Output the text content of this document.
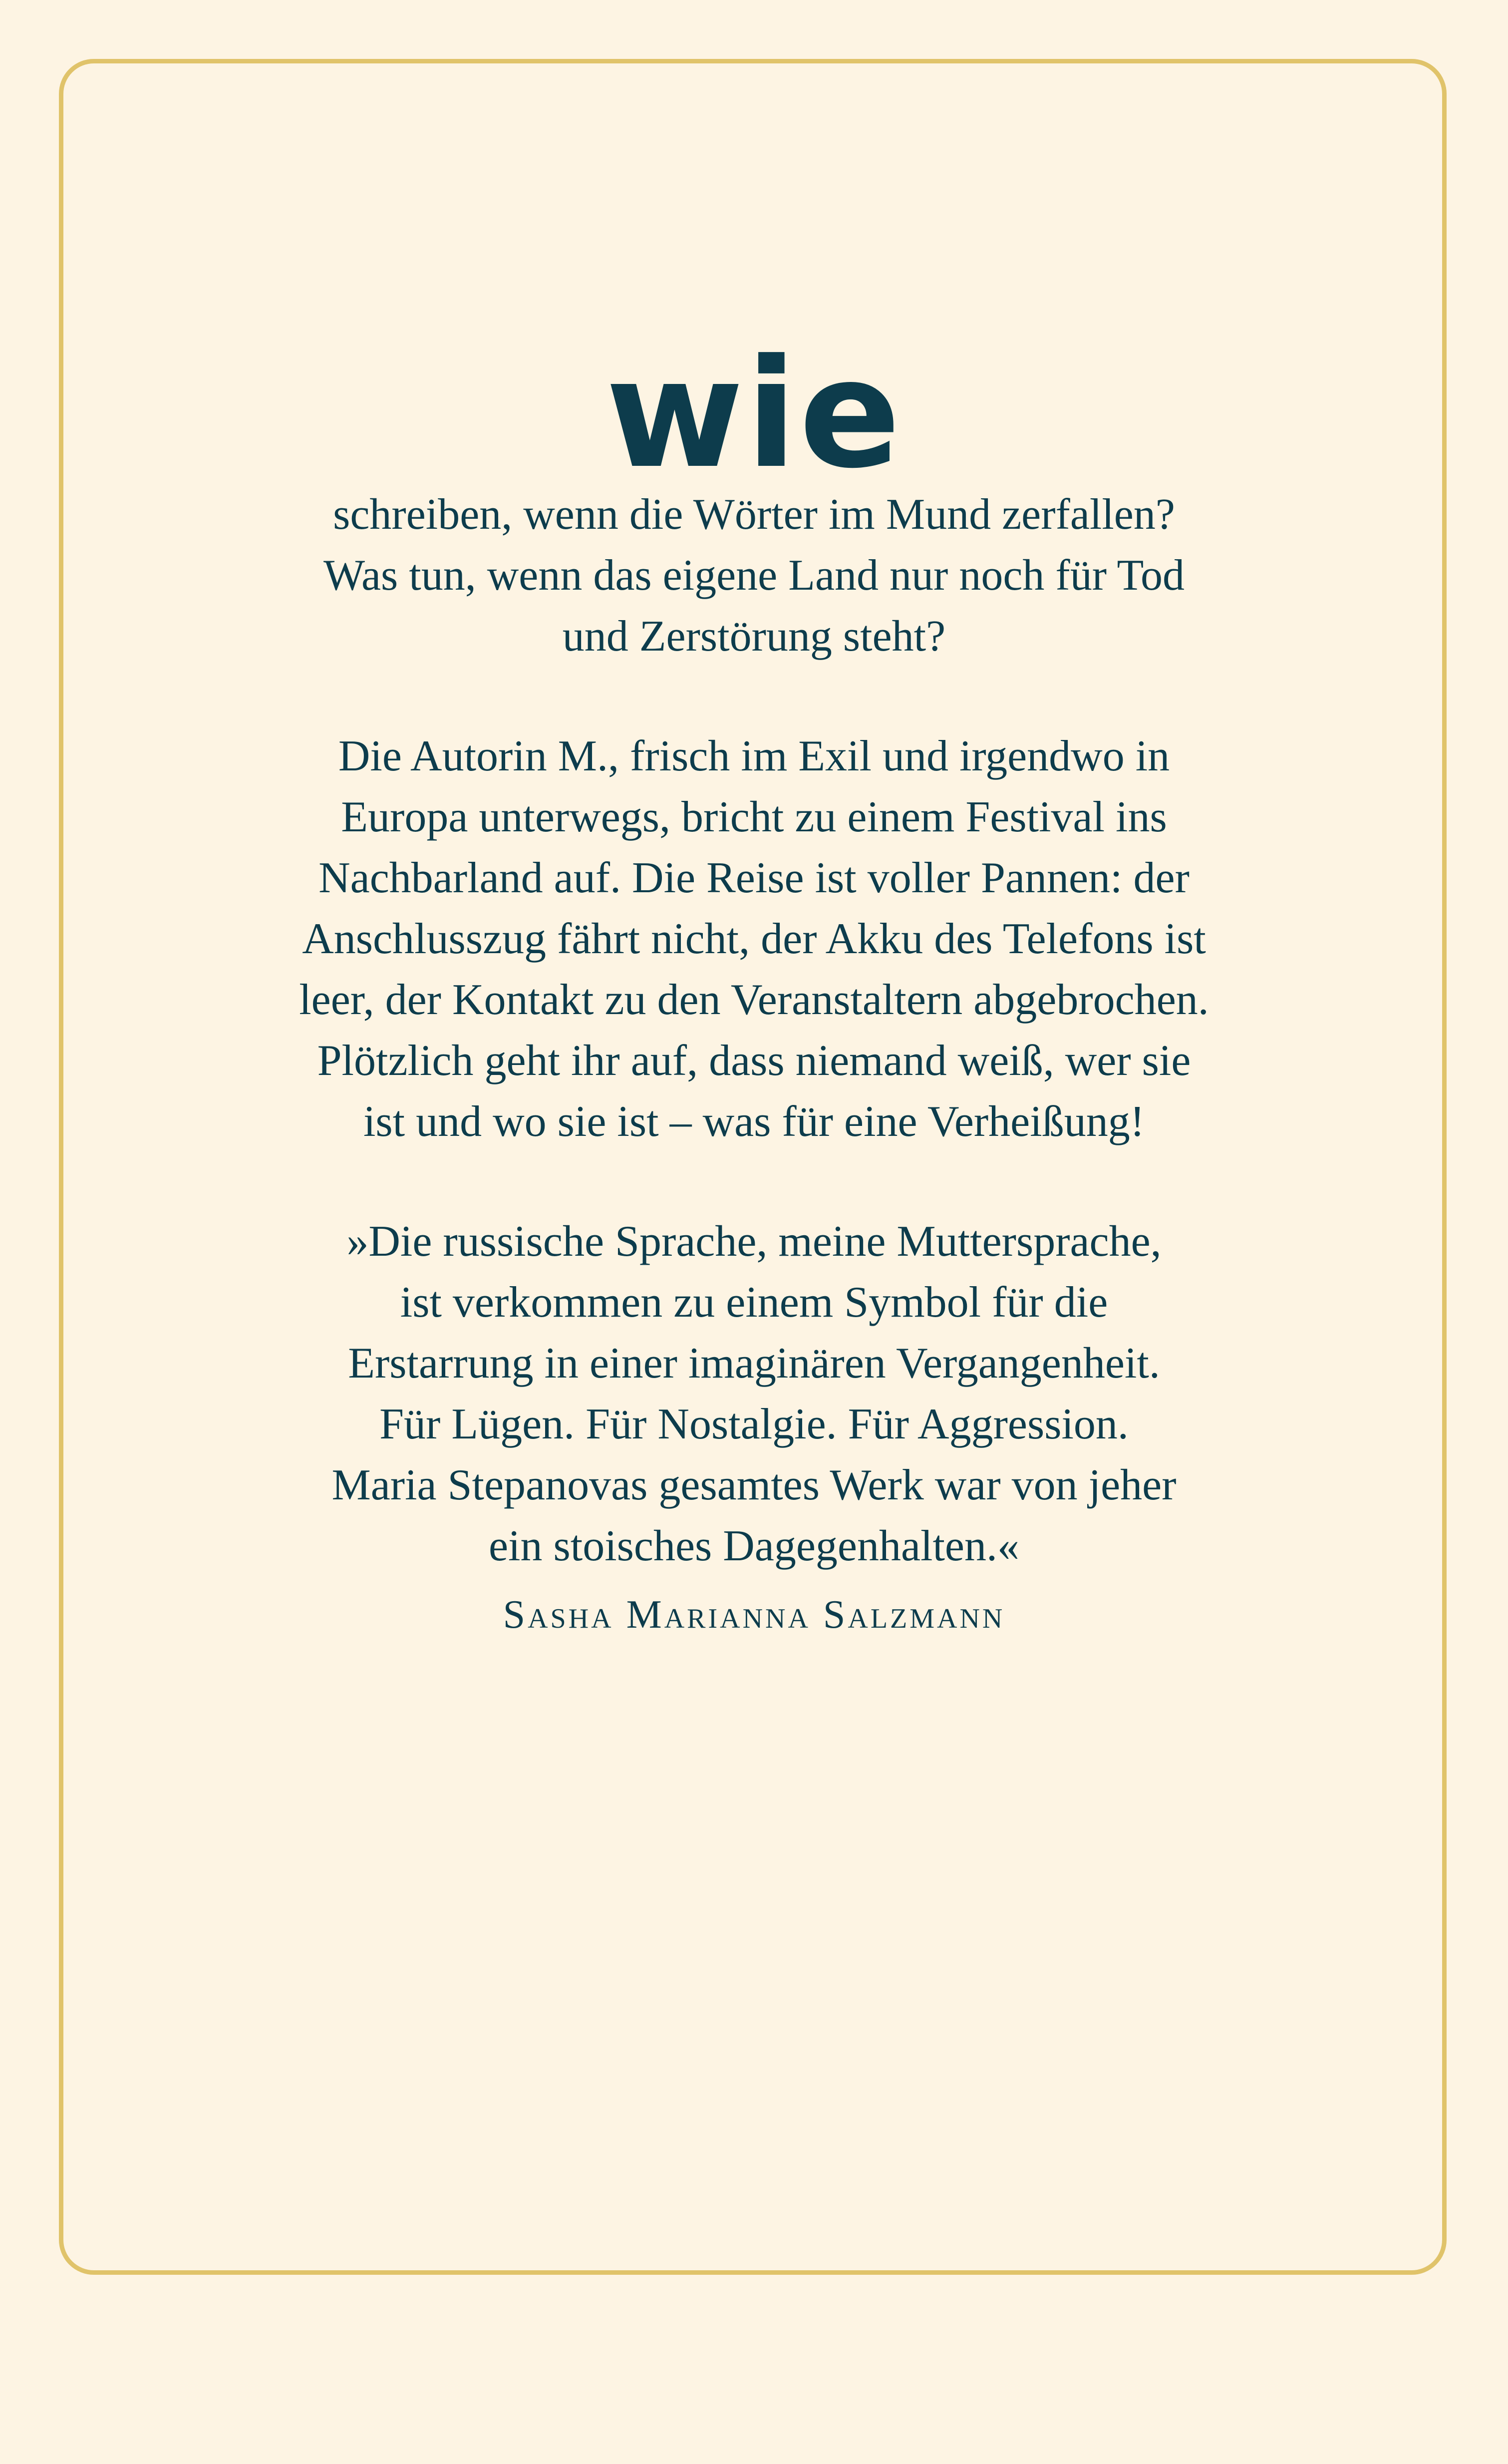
wie

schreiben, wenn die Wörter im Mund zerfallen?
Was tun, wenn das eigene Land nur noch für Tod
und Zerstörung steht?

Die Autorin M., frisch im Exil und irgendwo in
Europa unterwegs, bricht zu einem Festival ins
Nachbarland auf. Die Reise ist voller Pannen: der
Anschlusszug fährt nicht, der Akku des Telefons ist
leer, der Kontakt zu den Veranstaltern abgebrochen.
Plötzlich geht ihr auf, dass niemand weiß, wer sie
ist und wo sie ist – was für eine Verheißung!

»Die russische Sprache, meine Muttersprache,
ist verkommen zu einem Symbol für die
Erstarrung in einer imaginären Vergangenheit.
Für Lügen. Für Nostalgie. Für Aggression.
Maria Stepanovas gesamtes Werk war von jeher
ein stoisches Dagegenhalten.«

Sasha Marianna Salzmann
